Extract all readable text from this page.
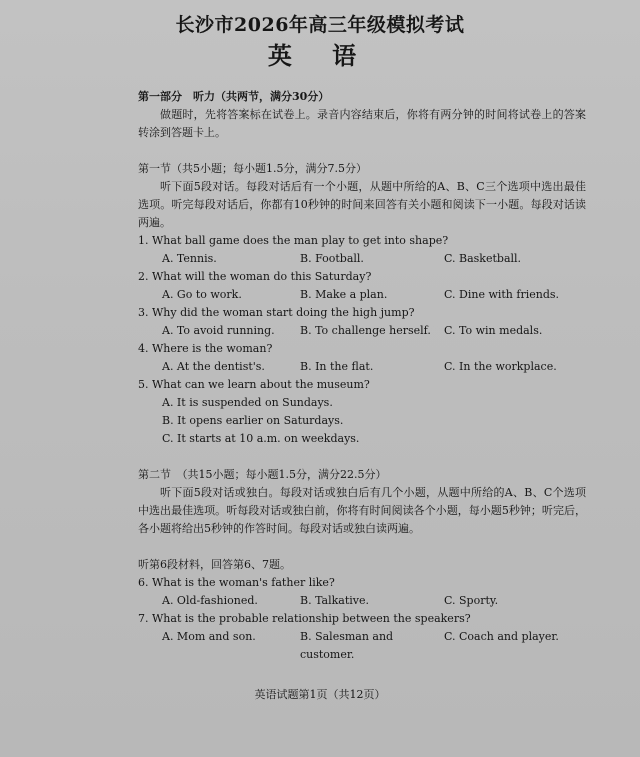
长沙市2026年高三年级模拟考试
英 语

第一部分　听力（共两节，满分30分）

做题时，先将答案标在试卷上。录音内容结束后，你将有两分钟的时间将试卷上的答案转涂到答题卡上。

第一节（共5小题；每小题1.5分，满分7.5分）

听下面5段对话。每段对话后有一个小题，从题中所给的A、B、C三个选项中选出最佳选项。听完每段对话后，你都有10秒钟的时间来回答有关小题和阅读下一小题。每段对话读两遍。

1. What ball game does the man play to get into shape?

A. Tennis.	B. Football.	C. Basketball.

2. What will the woman do this Saturday?

A. Go to work.	B. Make a plan.	C. Dine with friends.

3. Why did the woman start doing the high jump?

A. To avoid running.	B. To challenge herself.	C. To win medals.

4. Where is the woman?

A. At the dentist's.	B. In the flat.	C. In the workplace.

5. What can we learn about the museum?

A. It is suspended on Sundays.
B. It opens earlier on Saturdays.
C. It starts at 10 a.m. on weekdays.

第二节　（共15小题；每小题1.5分，满分22.5分）

听下面5段对话或独白。每段对话或独白后有几个小题，从题中所给的A、B、C个选项中选出最佳选项。听每段对话或独白前，你将有时间阅读各个小题，每小题5秒钟；听完后，各小题将给出5秒钟的作答时间。每段对话或独白读两遍。

听第6段材料，回答第6、7题。

6. What is the woman's father like?

A. Old-fashioned.	B. Talkative.	C. Sporty.

7. What is the probable relationship between the speakers?

A. Mom and son.	B. Salesman and customer.
C. Coach and player.
英语试题第1页（共12页）
